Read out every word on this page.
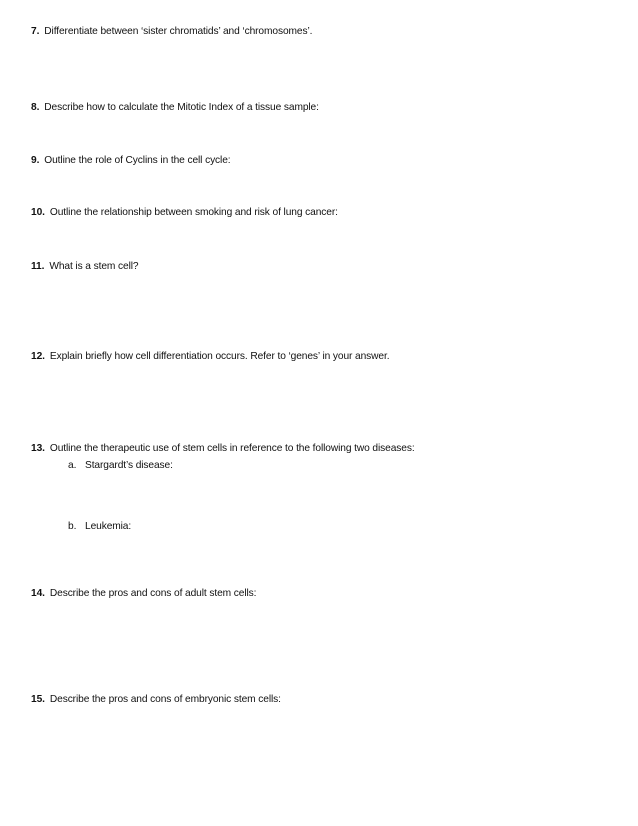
7. Differentiate between ‘sister chromatids’ and ‘chromosomes’.
8. Describe how to calculate the Mitotic Index of a tissue sample:
9. Outline the role of Cyclins in the cell cycle:
10. Outline the relationship between smoking and risk of lung cancer:
11. What is a stem cell?
12. Explain briefly how cell differentiation occurs. Refer to ‘genes’ in your answer.
13. Outline the therapeutic use of stem cells in reference to the following two diseases:
a. Stargardt’s disease:
b. Leukemia:
14. Describe the pros and cons of adult stem cells:
15. Describe the pros and cons of embryonic stem cells:
